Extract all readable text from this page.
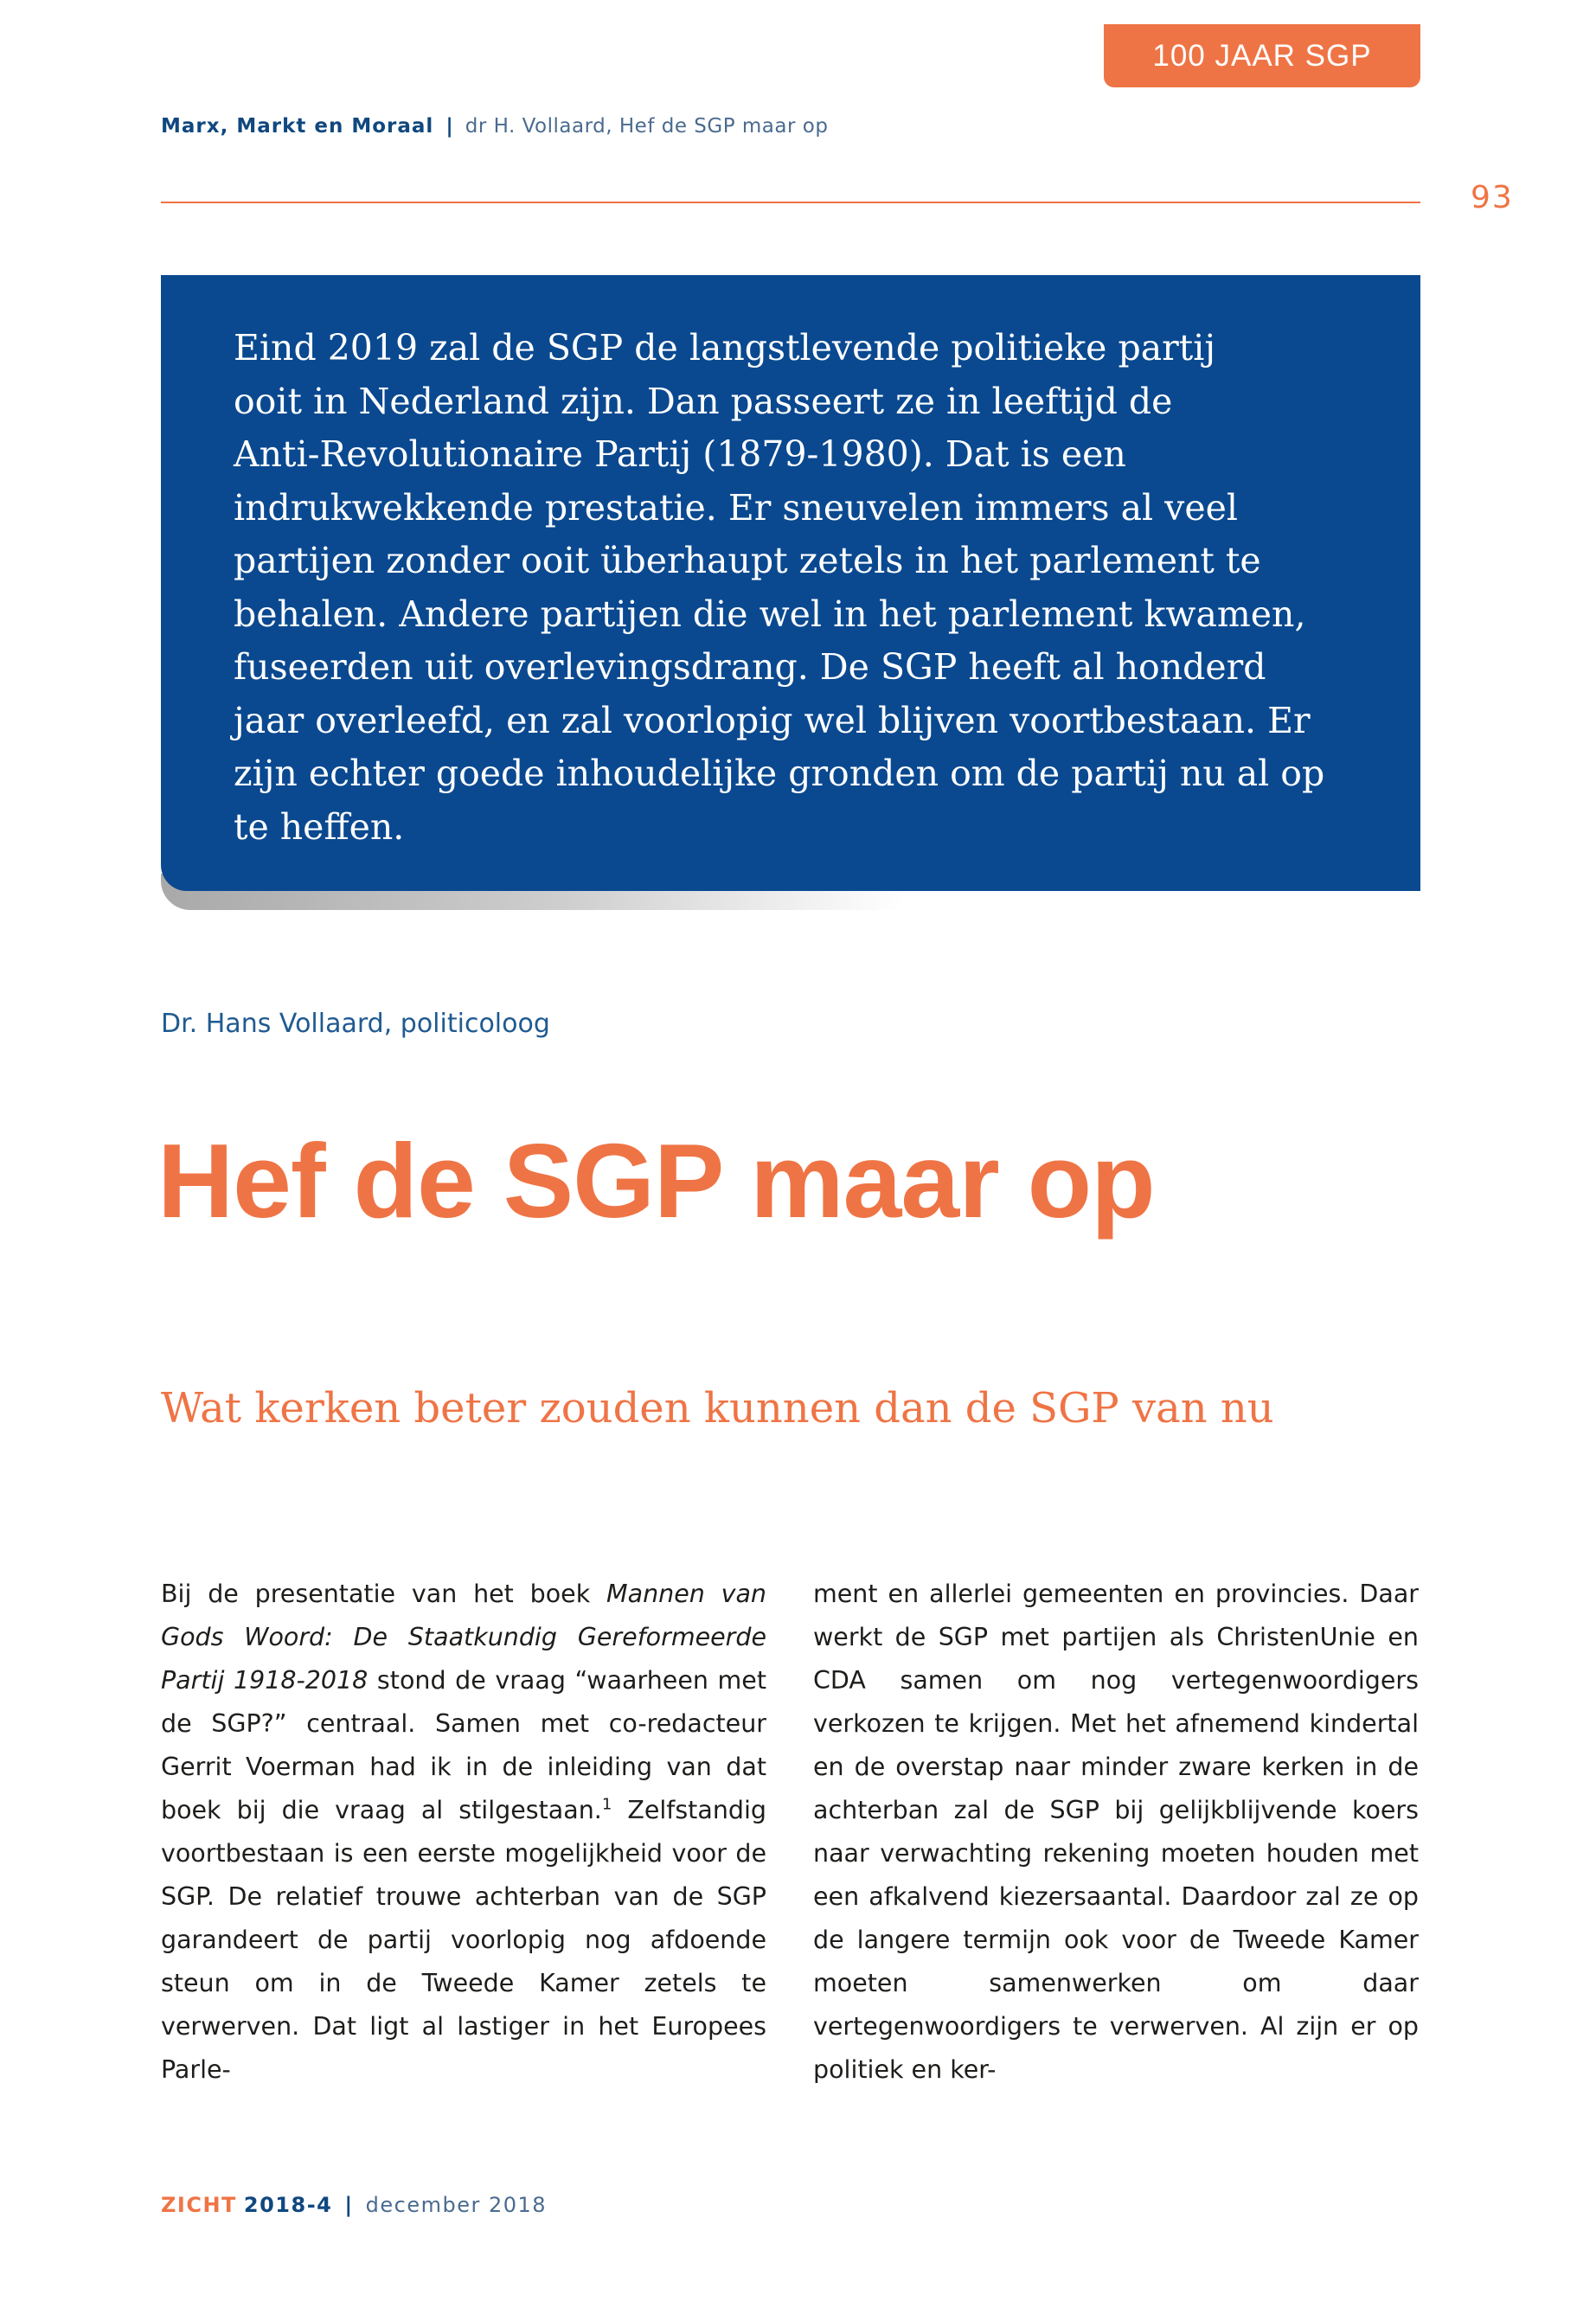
100 JAAR SGP
Marx, Markt en Moraal | dr H. Vollaard, Hef de SGP maar op
93
Eind 2019 zal de SGP de langstlevende politieke partij
ooit in Nederland zijn. Dan passeert ze in leeftijd de
Anti-Revolutionaire Partij (1879-1980). Dat is een
indrukwekkende prestatie. Er sneuvelen immers al veel
partijen zonder ooit überhaupt zetels in het parlement te
behalen. Andere partijen die wel in het parlement kwamen,
fuseerden uit overlevingsdrang. De SGP heeft al honderd
jaar overleefd, en zal voorlopig wel blijven voortbestaan. Er
zijn echter goede inhoudelijke gronden om de partij nu al op
te heffen.
Dr. Hans Vollaard, politicoloog
Hef de SGP maar op
Wat kerken beter zouden kunnen dan de SGP van nu
Bij de presentatie van het boek Mannen van Gods Woord: De Staatkundig Gereformeerde Partij 1918-2018 stond de vraag “waarheen met de SGP?” centraal. Samen met co-redacteur Gerrit Voerman had ik in de inleiding van dat boek bij die vraag al stilgestaan.$^1$ Zelfstandig voortbestaan is een eerste mogelijkheid voor de SGP. De relatief trouwe achterban van de SGP garandeert de partij voorlopig nog afdoende steun om in de Tweede Kamer zetels te verwerven. Dat ligt al lastiger in het Europees Parle-
ment en allerlei gemeenten en provincies. Daar werkt de SGP met partijen als ChristenUnie en CDA samen om nog vertegenwoordigers verkozen te krijgen. Met het afnemend kindertal en de overstap naar minder zware kerken in de achterban zal de SGP bij gelijkblijvende koers naar verwachting rekening moeten houden met een afkalvend kiezersaantal. Daardoor zal ze op de langere termijn ook voor de Tweede Kamer moeten samenwerken om daar vertegenwoordigers te verwerven. Al zijn er op politiek en ker-
ZICHT 2018-4 | december 2018
